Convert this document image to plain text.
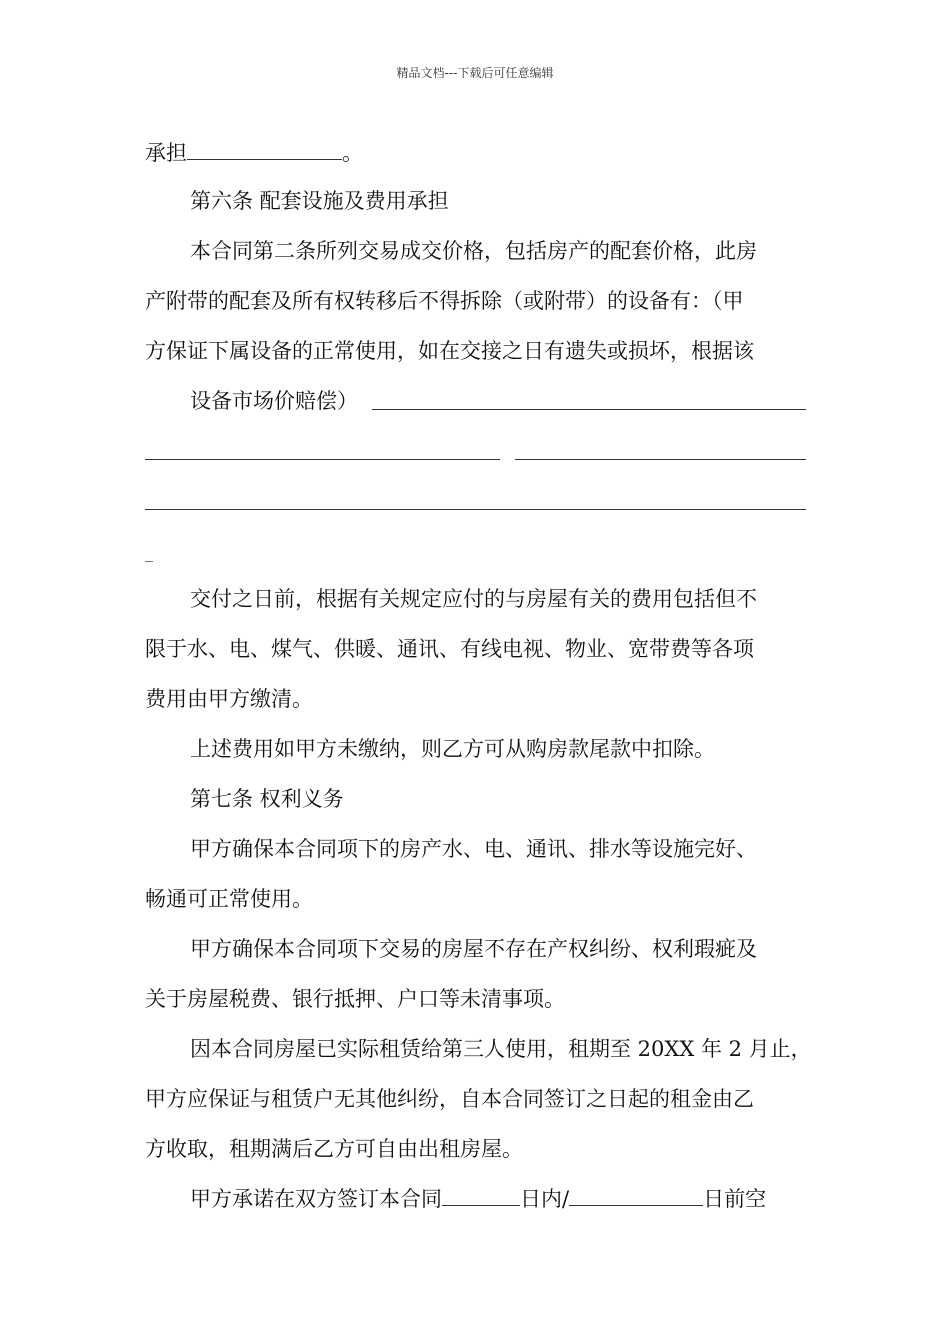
精品文档---下载后可任意编辑
承担	。
第六条 配套设施及费用承担
本合同第二条所列交易成交价格，包括房产的配套价格，此房
产附带的配套及所有权转移后不得拆除（或附带）的设备有：（甲
方保证下属设备的正常使用，如在交接之日有遗失或损坏，根据该
设备市场价赔偿）
_
交付之日前，根据有关规定应付的与房屋有关的费用包括但不
限于水、电、煤气、供暖、通讯、有线电视、物业、宽带费等各项
费用由甲方缴清。
上述费用如甲方未缴纳，则乙方可从购房款尾款中扣除。
第七条 权利义务
甲方确保本合同项下的房产水、电、通讯、排水等设施完好、
畅通可正常使用。
甲方确保本合同项下交易的房屋不存在产权纠纷、权利瑕疵及
关于房屋税费、银行抵押、户口等未清事项。
因本合同房屋已实际租赁给第三人使用，租期至 20XX 年 2 月止，
甲方应保证与租赁户无其他纠纷，自本合同签订之日起的租金由乙
方收取，租期满后乙方可自由出租房屋。
甲方承诺在双方签订本合同	日内/	日前空
